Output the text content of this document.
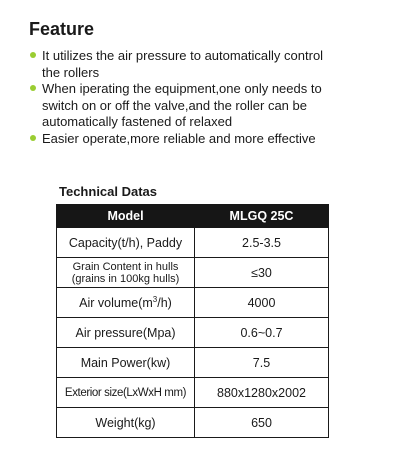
Feature
It utilizes the air pressure to automatically control
the rollers
When iperating the equipment,one only needs to
switch on or off the valve,and the roller can be
automatically fastened of relaxed
Easier operate,more reliable and more effective
Technical Datas
Model	MLGQ 25C
Capacity(t/h), Paddy	2.5-3.5

Grain Content in hulls
(grains in 100kg hulls)	≤30
Air $volume(m^3/h)$	4000
Air pressure(Mpa)	0.6~0.7
Main Power(kw)	7.5
Exterior size(LxWxH mm)	880x1280x2002
Weight(kg)	650
